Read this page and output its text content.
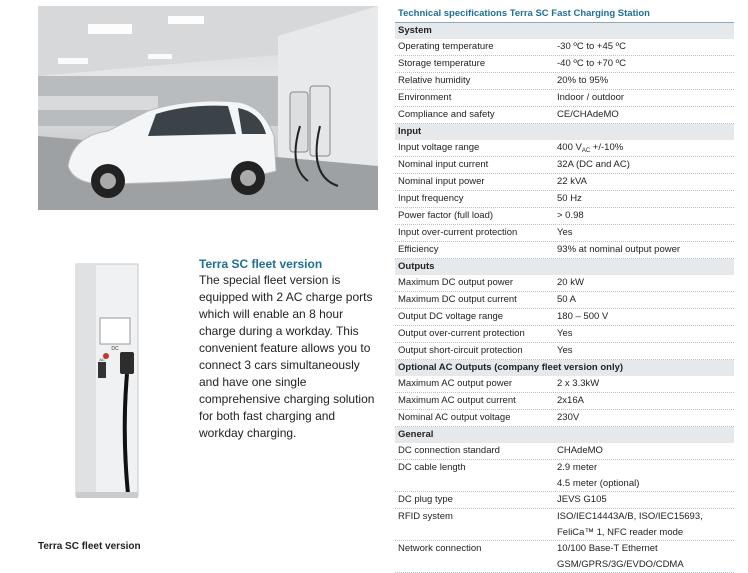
DC
AC
Terra SC fleet version
The special fleet version is equipped with 2 AC charge ports which will enable an 8 hour charge during a workday. This convenient feature allows you to connect 3 cars simultaneously and have one single comprehensive charging solution for both fast charging and workday charging.
Terra SC fleet version
Technical specifications Terra SC Fast Charging Station
System
Operating temperature	-30 ºC to +45 ºC
Storage temperature	-40 ºC to +70 ºC
Relative humidity	20% to 95%
Environment	Indoor / outdoor
Compliance and safety	CE/CHAdeMO
Input
Input voltage range	400 $V_{AC} +/-10\%$
Nominal input current	32A (DC and AC)
Nominal input power	22 kVA
Input frequency	50 Hz
Power factor (full load)	> 0.98
Input over-current protection	Yes
Efficiency	93% at nominal output power
Outputs
Maximum DC output power	20 kW
Maximum DC output current	50 A
Output DC voltage range	180 – 500 V
Output over-current protection	Yes
Output short-circuit protection	Yes
Optional AC Outputs (company fleet version only)
Maximum AC output power	2 x 3.3kW
Maximum AC output current	2x16A
Nominal AC output voltage	230V
General
DC connection standard	CHAdeMO
DC cable length	2.9 meter
4.5 meter (optional)
DC plug type	JEVS G105
RFID system	ISO/IEC14443A/B, ISO/IEC15693,
FeliCa™ 1, NFC reader mode
Network connection	10/100 Base-T Ethernet
GSM/GPRS/3G/EVDO/CDMA
